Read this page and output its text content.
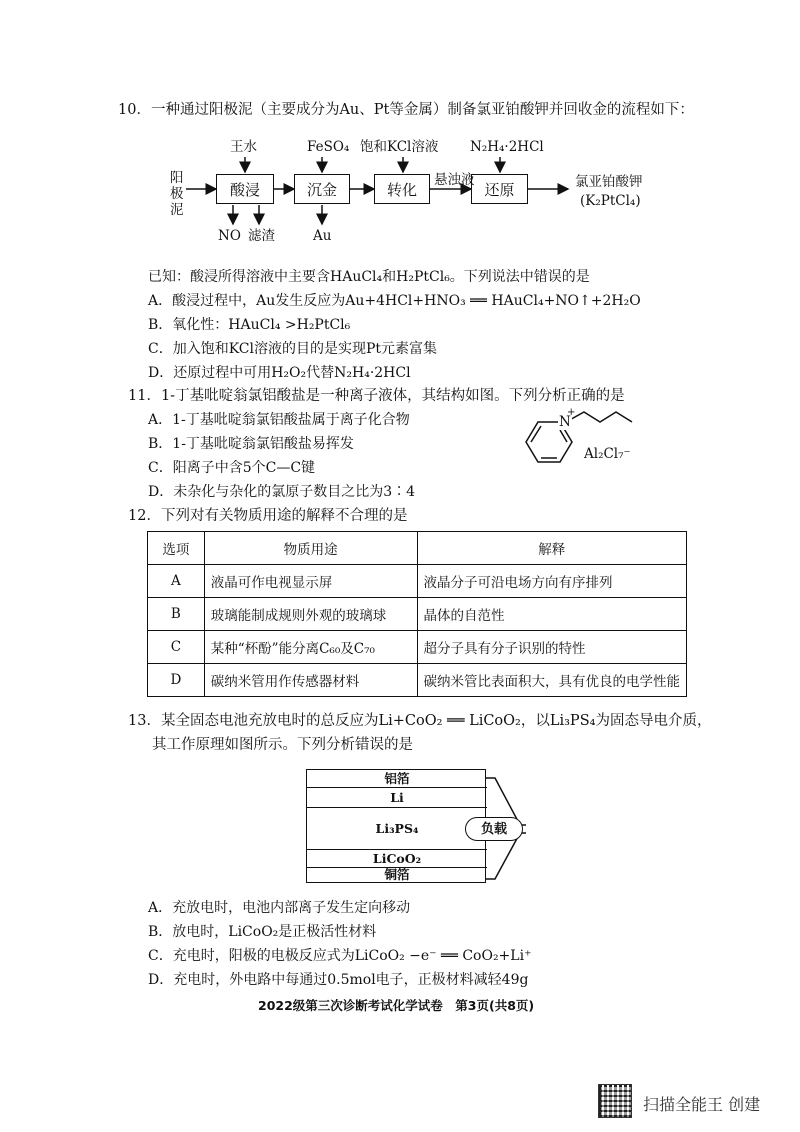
10．一种通过阳极泥（主要成分为Au、Pt等金属）制备氯亚铂酸钾并回收金的流程如下：
阳
极
泥
酸浸	沉金	转化	还原
王水	FeSO₄ 饱和KCl溶液 N₂H₄·2HCl
NO 滤渣	Au
悬浊液	氯亚铂酸钾
(K₂PtCl₄)
已知：酸浸所得溶液中主要含HAuCl₄和H₂PtCl₆。下列说法中错误的是
A．酸浸过程中，Au发生反应为Au+4HCl+HNO₃ ══ HAuCl₄+NO↑+2H₂O
B．氧化性：HAuCl₄ >H₂PtCl₆
C．加入饱和KCl溶液的目的是实现Pt元素富集
D．还原过程中可用H₂O₂代替N₂H₄·2HCl
11．1-丁基吡啶翁氯铝酸盐是一种离子液体，其结构如图。下列分析正确的是
A．1-丁基吡啶翁氯铝酸盐属于离子化合物
B．1-丁基吡啶翁氯铝酸盐易挥发
C．阳离子中含5个C—C键
D．未杂化与杂化的氯原子数目之比为3∶4
N
+
Al₂Cl₇⁻
12．下列对有关物质用途的解释不合理的是
选项	物质用途	解释
A	液晶可作电视显示屏	液晶分子可沿电场方向有序排列
B	玻璃能制成规则外观的玻璃球	晶体的自范性
C	某种“杯酚”能分离C₆₀及C₇₀	超分子具有分子识别的特性
D	碳纳米管用作传感器材料	碳纳米管比表面积大，具有优良的电学性能
13．某全固态电池充放电时的总反应为Li+CoO₂ ══ LiCoO₂，以Li₃PS₄为固态导电介质，
其工作原理如图所示。下列分析错误的是
铝箔
Li
Li₃PS₄
LiCoO₂
铜箔
负载
A．充放电时，电池内部离子发生定向移动
B．放电时，LiCoO₂是正极活性材料
C．充电时，阳极的电极反应式为LiCoO₂ −e⁻ ══ CoO₂+Li⁺
D．充电时，外电路中每通过0.5mol电子，正极材料减轻49g
2022级第三次诊断考试化学试卷　第3页(共8页)
扫描全能王 创建
